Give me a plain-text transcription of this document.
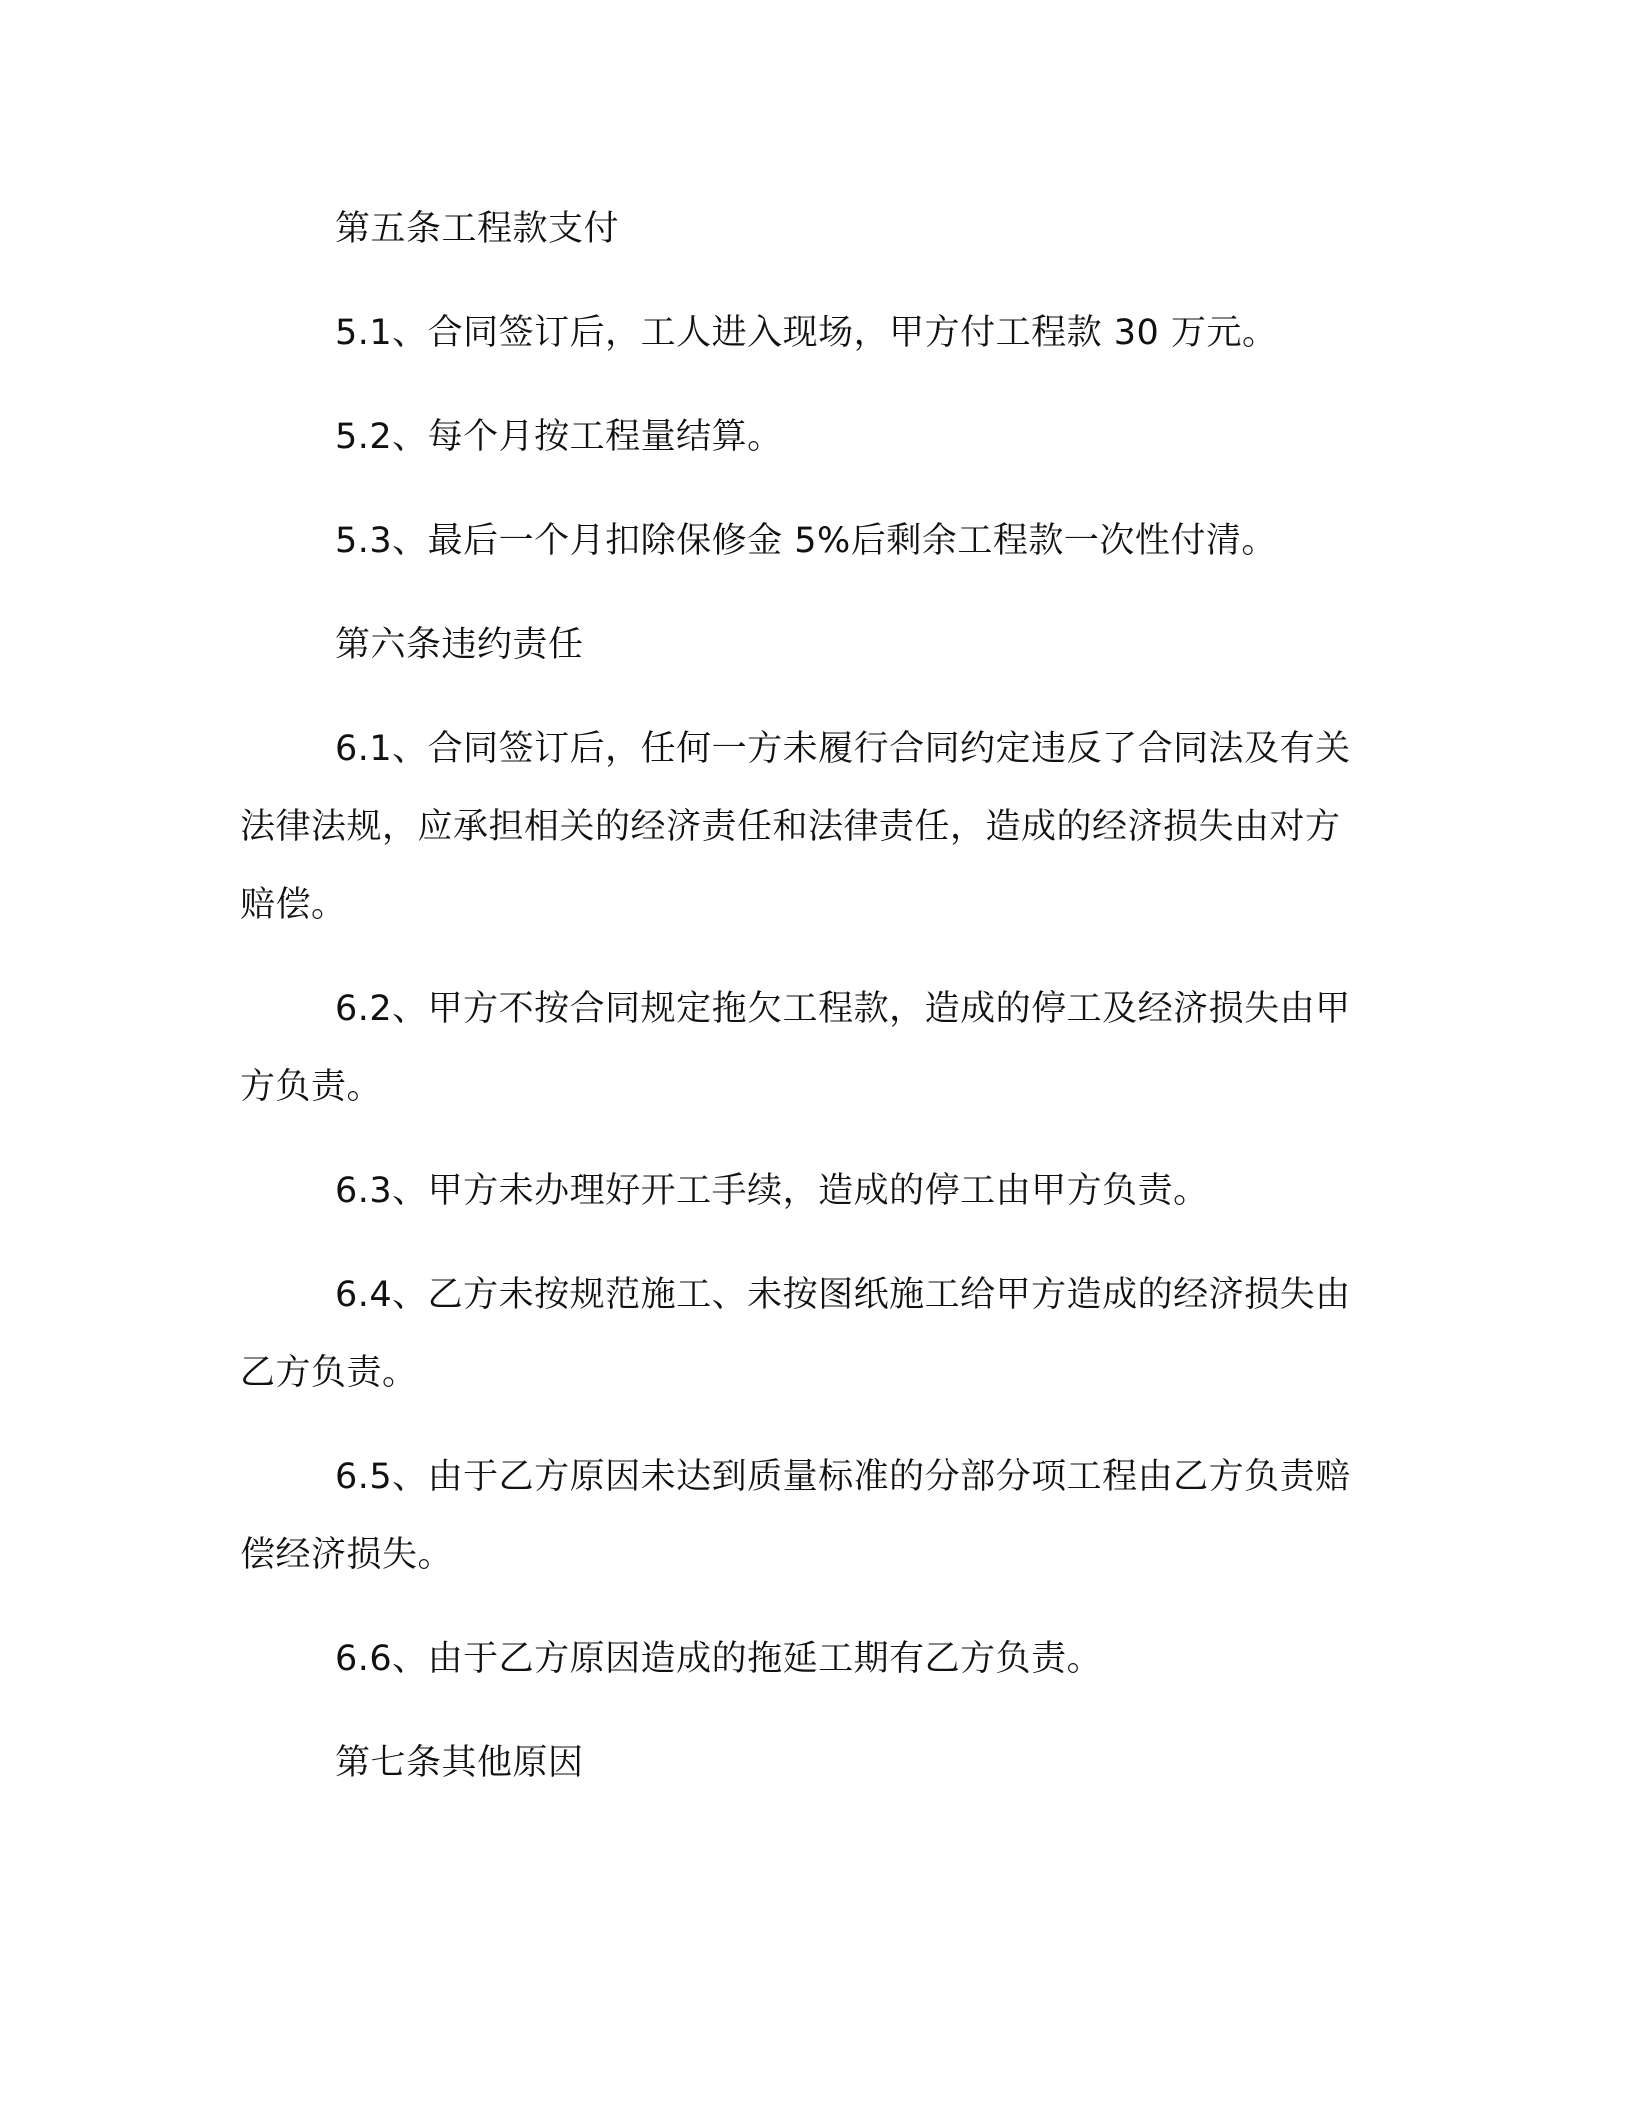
第五条工程款支付

5.1、合同签订后，工人进入现场，甲方付工程款 30 万元。

5.2、每个月按工程量结算。

5.3、最后一个月扣除保修金 5%后剩余工程款一次性付清。

第六条违约责任

6.1、合同签订后，任何一方未履行合同约定违反了合同法及有关法律法规，应承担相关的经济责任和法律责任，造成的经济损失由对方赔偿。

6.2、甲方不按合同规定拖欠工程款，造成的停工及经济损失由甲方负责。

6.3、甲方未办理好开工手续，造成的停工由甲方负责。

6.4、乙方未按规范施工、未按图纸施工给甲方造成的经济损失由乙方负责。

6.5、由于乙方原因未达到质量标准的分部分项工程由乙方负责赔偿经济损失。

6.6、由于乙方原因造成的拖延工期有乙方负责。

第七条其他原因
